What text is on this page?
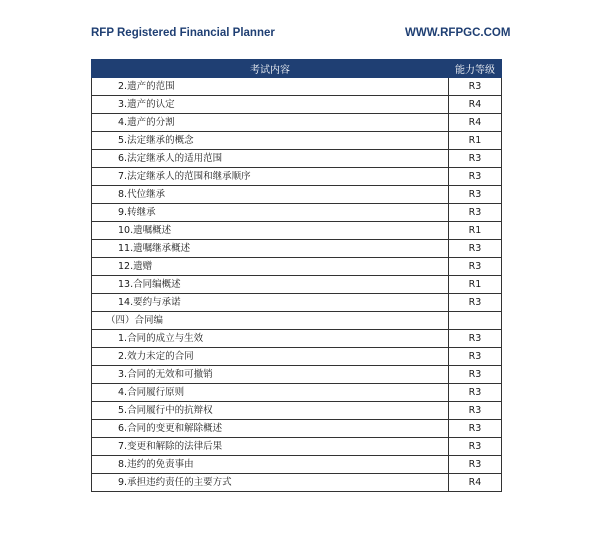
RFP Registered Financial Planner	WWW.RFPGC.COM
考试内容	能力等级
2.遗产的范围	R3
3.遗产的认定	R4
4.遗产的分割	R4
5.法定继承的概念	R1
6.法定继承人的适用范围	R3
7.法定继承人的范围和继承顺序	R3
8.代位继承	R3
9.转继承	R3
10.遗嘱概述	R1
11.遗嘱继承概述	R3
12.遗赠	R3
13.合同编概述	R1
14.要约与承诺	R3
（四）合同编	
1.合同的成立与生效	R3
2.效力未定的合同	R3
3.合同的无效和可撤销	R3
4.合同履行原则	R3
5.合同履行中的抗辩权	R3
6.合同的变更和解除概述	R3
7.变更和解除的法律后果	R3
8.违约的免责事由	R3
9.承担违约责任的主要方式	R4
